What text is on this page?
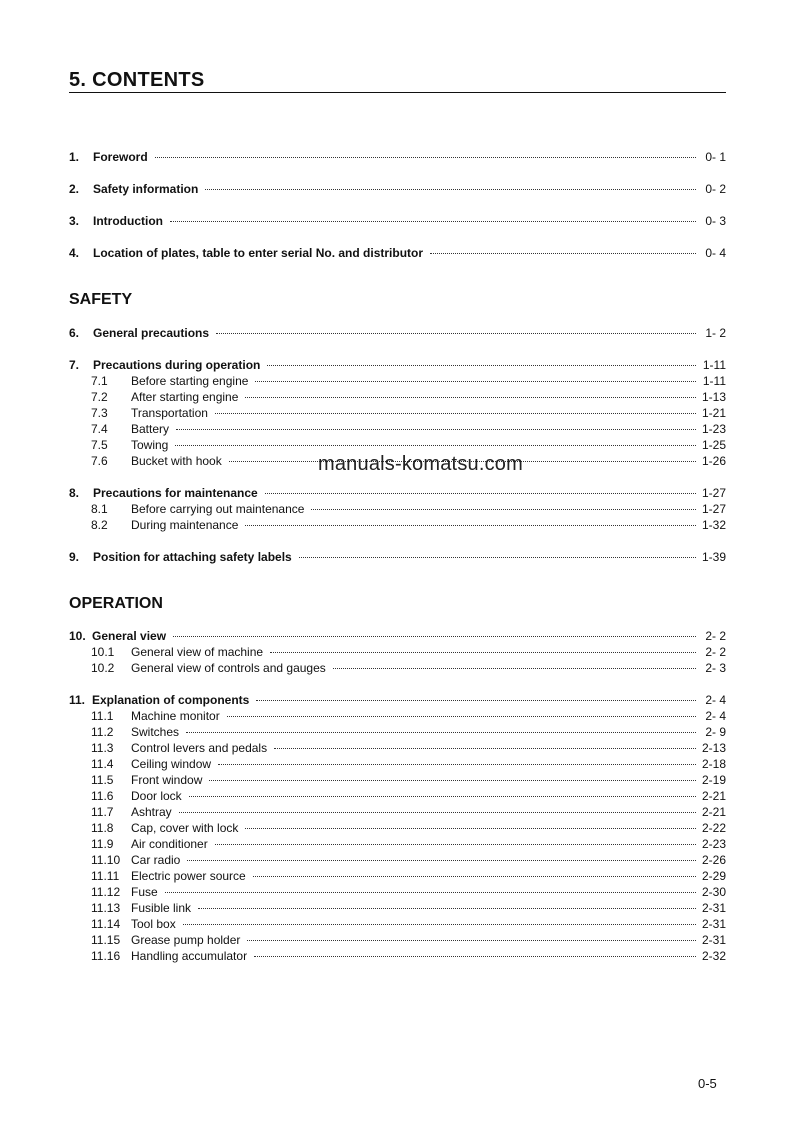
5. CONTENTS
1.	Foreword	0- 1
2.	Safety information	0- 2
3.	Introduction	0- 3
4.	Location of plates, table to enter serial No. and distributor	0- 4
SAFETY
6.	General precautions	1- 2
7.	Precautions during operation	1-11
7.1	Before starting engine	1-11
7.2	After starting engine	1-13
7.3	Transportation	1-21
7.4	Battery	1-23
7.5	Towing	1-25
7.6	Bucket with hook	1-26
8.	Precautions for maintenance	1-27
8.1	Before carrying out maintenance	1-27
8.2	During maintenance	1-32
9.	Position for attaching safety labels	1-39
OPERATION
10. General view	2- 2
10.1	General view of machine	2- 2
10.2	General view of controls and gauges	2- 3
11. Explanation of components	2- 4
11.1	Machine monitor	2- 4
11.2	Switches	2- 9
11.3	Control levers and pedals	2-13
11.4	Ceiling window	2-18
11.5	Front window	2-19
11.6	Door lock	2-21
11.7	Ashtray	2-21
11.8	Cap, cover with lock	2-22
11.9	Air conditioner	2-23
11.10 Car radio	2-26
11.11 Electric power source	2-29
11.12 Fuse	2-30
11.13 Fusible link	2-31
11.14 Tool box	2-31
11.15 Grease pump holder	2-31
11.16 Handling accumulator	2-32
manuals-komatsu.com
0-5
